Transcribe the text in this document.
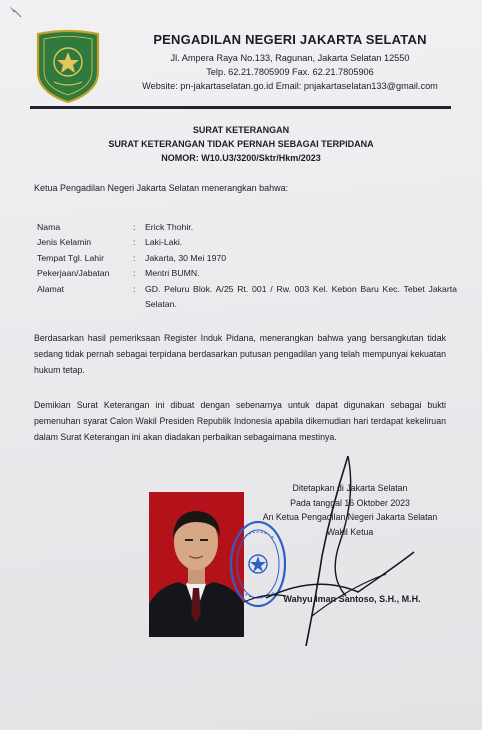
PENGADILAN NEGERI JAKARTA SELATAN
Jl. Ampera Raya No.133, Ragunan, Jakarta Selatan 12550
Telp. 62.21.7805909 Fax. 62.21.7805906
Website: pn-jakartaselatan.go.id Email: pnjakartaselatan133@gmail.com
SURAT KETERANGAN
SURAT KETERANGAN TIDAK PERNAH SEBAGAI TERPIDANA
NOMOR: W10.U3/3200/Sktr/Hkm/2023
Ketua Pengadilan Negeri Jakarta Selatan menerangkan bahwa:
Nama	:	Erick Thohir.
Jenis Kelamin	:	Laki-Laki.
Tempat Tgl. Lahir	:	Jakarta, 30 Mei 1970
Pekerjaan/Jabatan	:	Mentri BUMN.
Alamat	:	GD. Peluru Blok. A/25 Rt. 001 / Rw. 003 Kel. Kebon Baru Kec. Tebet Jakarta Selatan.
Berdasarkan hasil pemeriksaan Register Induk Pidana, menerangkan bahwa yang bersangkutan tidak sedang tidak pernah sebagai terpidana berdasarkan putusan pengadilan yang telah mempunyai kekuatan hukum tetap.
Demikian Surat Keterangan ini dibuat dengan sebenarnya untuk dapat digunakan sebagai bukti pemenuhan syarat Calon Wakil Presiden Republik Indonesia apabila dikemudian hari terdapat kekeliruan dalam Surat Keterangan ini akan diadakan perbaikan sebagaimana mestinya.
Ditetapkan di Jakarta Selatan
Pada tanggal 16 Oktober 2023
An Ketua Pengadilan Negeri Jakarta Selatan
Wakil Ketua
Wahyu Iman Santoso, S.H., M.H.
